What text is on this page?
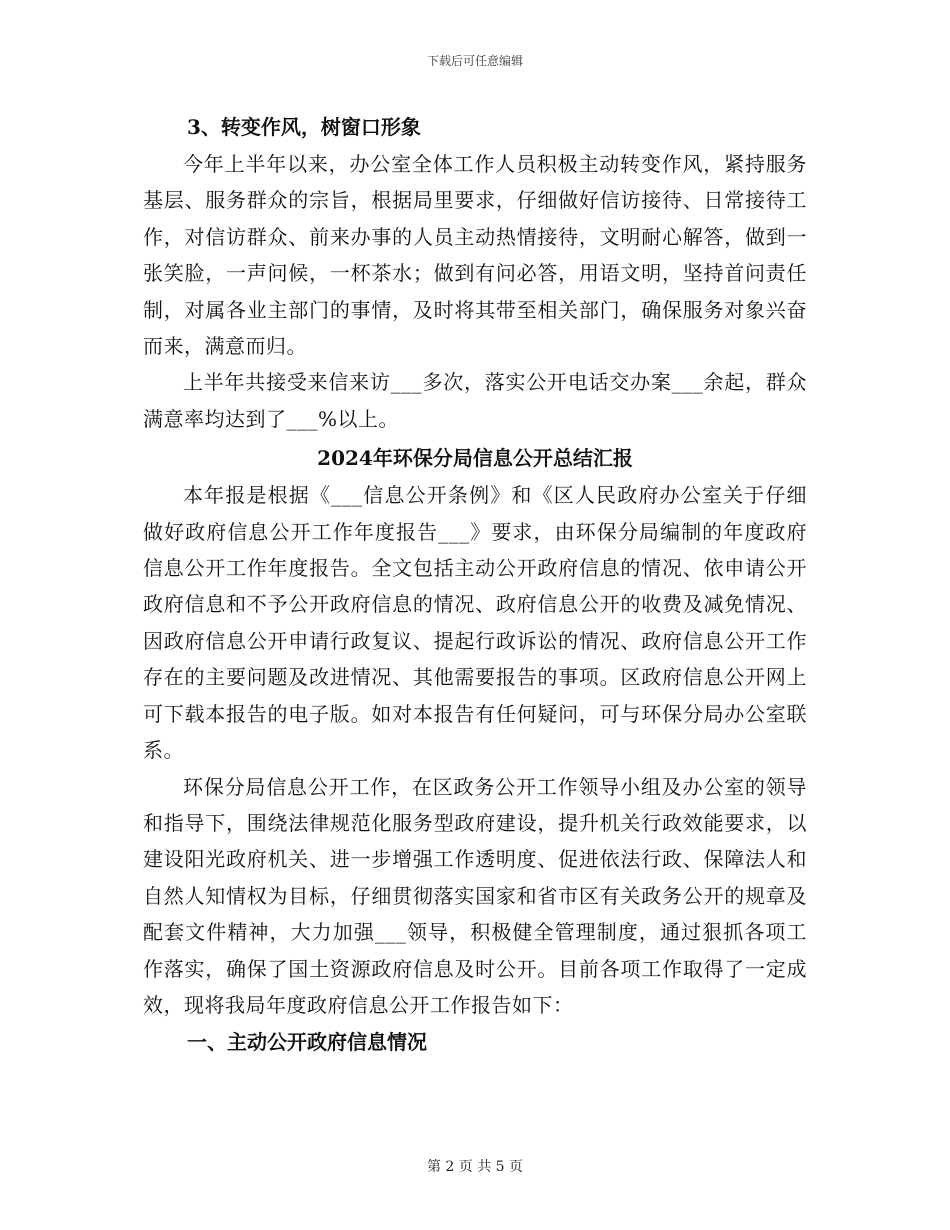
下载后可任意编辑

3、转变作风，树窗口形象

今年上半年以来，办公室全体工作人员积极主动转变作风，紧持服务基层、服务群众的宗旨，根据局里要求，仔细做好信访接待、日常接待工作，对信访群众、前来办事的人员主动热情接待，文明耐心解答，做到一张笑脸，一声问候，一杯茶水；做到有问必答，用语文明，坚持首问责任制，对属各业主部门的事情，及时将其带至相关部门，确保服务对象兴奋而来，满意而归。

上半年共接受来信来访___多次，落实公开电话交办案___余起，群众满意率均达到了___%以上。

2024年环保分局信息公开总结汇报

本年报是根据《___信息公开条例》和《区人民政府办公室关于仔细做好政府信息公开工作年度报告___》要求，由环保分局编制的年度政府信息公开工作年度报告。全文包括主动公开政府信息的情况、依申请公开政府信息和不予公开政府信息的情况、政府信息公开的收费及减免情况、因政府信息公开申请行政复议、提起行政诉讼的情况、政府信息公开工作存在的主要问题及改进情况、其他需要报告的事项。区政府信息公开网上可下载本报告的电子版。如对本报告有任何疑问，可与环保分局办公室联系。

环保分局信息公开工作，在区政务公开工作领导小组及办公室的领导和指导下，围绕法律规范化服务型政府建设，提升机关行政效能要求，以建设阳光政府机关、进一步增强工作透明度、促进依法行政、保障法人和自然人知情权为目标，仔细贯彻落实国家和省市区有关政务公开的规章及配套文件精神，大力加强___领导，积极健全管理制度，通过狠抓各项工作落实，确保了国土资源政府信息及时公开。目前各项工作取得了一定成效，现将我局年度政府信息公开工作报告如下：

一、主动公开政府信息情况

第 2 页 共 5 页
